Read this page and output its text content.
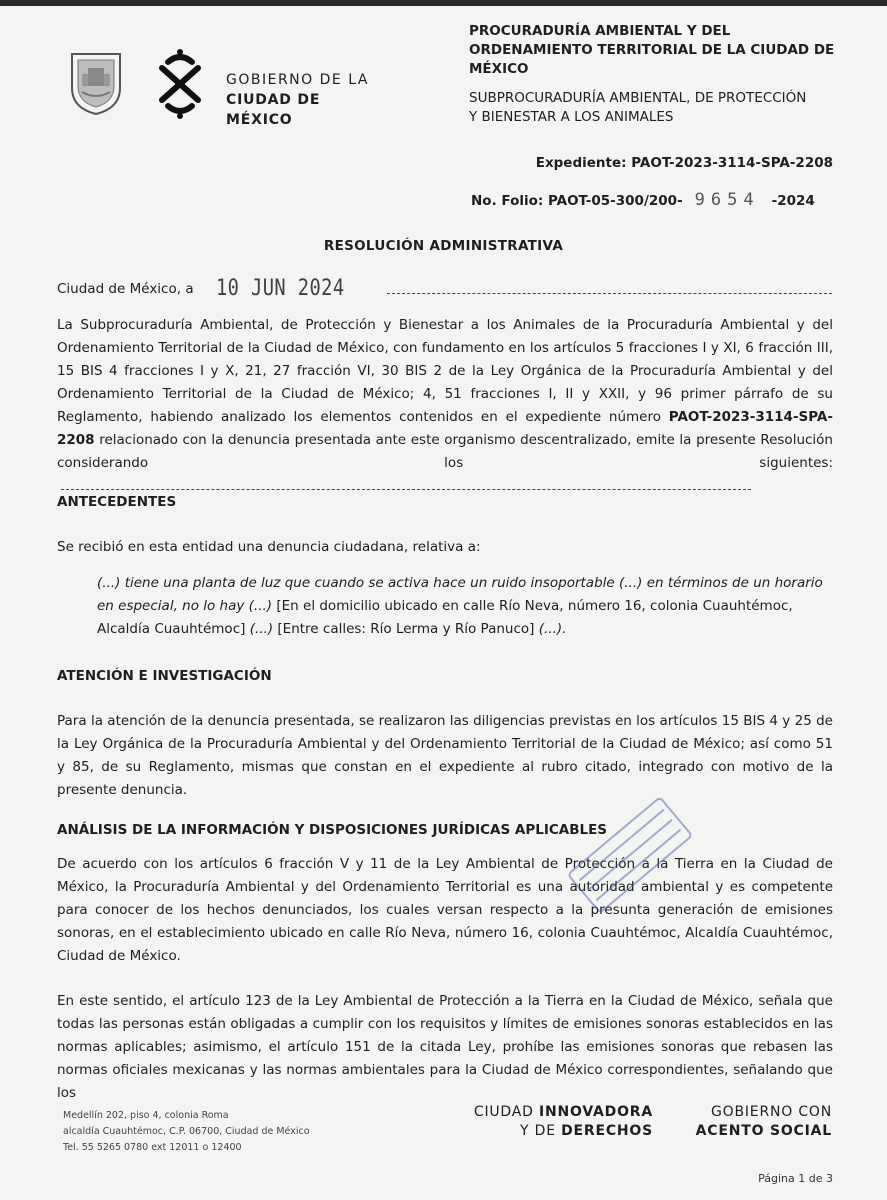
GOBIERNO DE LA
CIUDAD DE MÉXICO
PROCURADURÍA AMBIENTAL Y DEL
ORDENAMIENTO TERRITORIAL DE LA CIUDAD DE
MÉXICO
SUBPROCURADURÍA AMBIENTAL, DE PROTECCIÓN
Y BIENESTAR A LOS ANIMALES
Expediente: PAOT-2023-3114-SPA-2208
No. Folio: PAOT-05-300/200- 9654 -2024
RESOLUCIÓN ADMINISTRATIVA
Ciudad de México, a 10 JUN 2024
La Subprocuraduría Ambiental, de Protección y Bienestar a los Animales de la Procuraduría Ambiental y del Ordenamiento Territorial de la Ciudad de México, con fundamento en los artículos 5 fracciones I y XI, 6 fracción III, 15 BIS 4 fracciones I y X, 21, 27 fracción VI, 30 BIS 2 de la Ley Orgánica de la Procuraduría Ambiental y del Ordenamiento Territorial de la Ciudad de México; 4, 51 fracciones I, II y XXII, y 96 primer párrafo de su Reglamento, habiendo analizado los elementos contenidos en el expediente número PAOT-2023-3114-SPA-2208 relacionado con la denuncia presentada ante este organismo descentralizado, emite la presente Resolución considerando los siguientes:
ANTECEDENTES
Se recibió en esta entidad una denuncia ciudadana, relativa a:
(...) tiene una planta de luz que cuando se activa hace un ruido insoportable (...) en términos de un horario en especial, no lo hay (...) [En el domicilio ubicado en calle Río Neva, número 16, colonia Cuauhtémoc, Alcaldía Cuauhtémoc] (...) [Entre calles: Río Lerma y Río Panuco] (...).
ATENCIÓN E INVESTIGACIÓN
Para la atención de la denuncia presentada, se realizaron las diligencias previstas en los artículos 15 BIS 4 y 25 de la Ley Orgánica de la Procuraduría Ambiental y del Ordenamiento Territorial de la Ciudad de México; así como 51 y 85, de su Reglamento, mismas que constan en el expediente al rubro citado, integrado con motivo de la presente denuncia.
ANÁLISIS DE LA INFORMACIÓN Y DISPOSICIONES JURÍDICAS APLICABLES
De acuerdo con los artículos 6 fracción V y 11 de la Ley Ambiental de Protección a la Tierra en la Ciudad de México, la Procuraduría Ambiental y del Ordenamiento Territorial es una autoridad ambiental y es competente para conocer de los hechos denunciados, los cuales versan respecto a la presunta generación de emisiones sonoras, en el establecimiento ubicado en calle Río Neva, número 16, colonia Cuauhtémoc, Alcaldía Cuauhtémoc, Ciudad de México.
En este sentido, el artículo 123 de la Ley Ambiental de Protección a la Tierra en la Ciudad de México, señala que todas las personas están obligadas a cumplir con los requisitos y límites de emisiones sonoras establecidos en las normas aplicables; asimismo, el artículo 151 de la citada Ley, prohíbe las emisiones sonoras que rebasen las normas oficiales mexicanas y las normas ambientales para la Ciudad de México correspondientes, señalando que los
Medellín 202, piso 4, colonia Roma
alcaldía Cuauhtémoc, C.P. 06700, Ciudad de México
Tel. 55 5265 0780 ext 12011 o 12400
CIUDAD INNOVADORA
Y DE DERECHOS
GOBIERNO CON
ACENTO SOCIAL
Página 1 de 3
